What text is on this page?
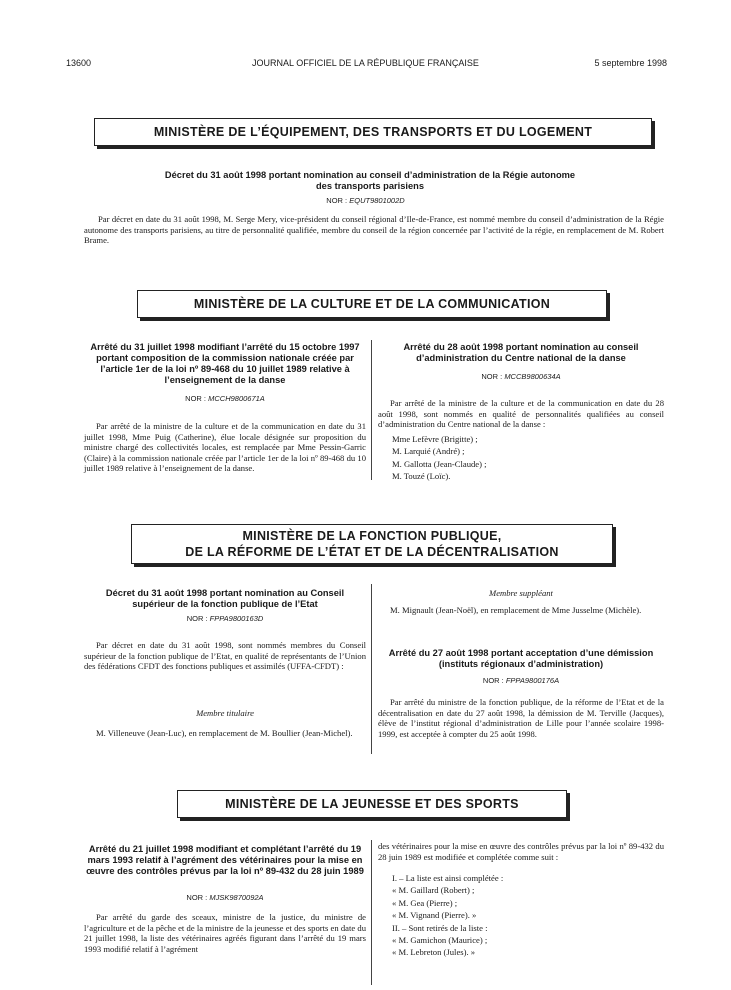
13600	JOURNAL OFFICIEL DE LA RÉPUBLIQUE FRANÇAISE	5 septembre 1998
MINISTÈRE DE L’ÉQUIPEMENT, DES TRANSPORTS ET DU LOGEMENT
Décret du 31 août 1998 portant nomination au conseil d’administration de la Régie autonome des transports parisiens
NOR : EQUT9801002D
Par décret en date du 31 août 1998, M. Serge Mery, vice-président du conseil régional d’Ile-de-France, est nommé membre du conseil d’administration de la Régie autonome des transports parisiens, au titre de personnalité qualifiée, membre du conseil de la région concernée par l’activité de la régie, en remplacement de M. Robert Brame.
MINISTÈRE DE LA CULTURE ET DE LA COMMUNICATION
Arrêté du 31 juillet 1998 modifiant l’arrêté du 15 octobre 1997 portant composition de la commission nationale créée par l’article 1er de la loi nº 89-468 du 10 juillet 1989 relative à l’enseignement de la danse
NOR : MCCH9800671A
Par arrêté de la ministre de la culture et de la communication en date du 31 juillet 1998, Mme Puig (Catherine), élue locale désignée sur proposition du ministre chargé des collectivités locales, est remplacée par Mme Pessin-Garric (Claire) à la commission nationale créée par l’article 1er de la loi nº 89-468 du 10 juillet 1989 relative à l’enseignement de la danse.
Arrêté du 28 août 1998 portant nomination au conseil d’administration du Centre national de la danse
NOR : MCCB9800634A
Par arrêté de la ministre de la culture et de la communication en date du 28 août 1998, sont nommés en qualité de personnalités qualifiées au conseil d’administration du Centre national de la danse :
Mme Lefèvre (Brigitte) ;
M. Larquié (André) ;
M. Gallotta (Jean-Claude) ;
M. Touzé (Loïc).
MINISTÈRE DE LA FONCTION PUBLIQUE,
DE LA RÉFORME DE L’ÉTAT ET DE LA DÉCENTRALISATION
Décret du 31 août 1998 portant nomination au Conseil supérieur de la fonction publique de l’Etat
NOR : FPPA9800163D
Par décret en date du 31 août 1998, sont nommés membres du Conseil supérieur de la fonction publique de l’Etat, en qualité de représentants de l’Union des fédérations CFDT des fonctions publiques et assimilés (UFFA-CFDT) :
Membre titulaire
M. Villeneuve (Jean-Luc), en remplacement de M. Boullier (Jean-Michel).
Membre suppléant
M. Mignault (Jean-Noël), en remplacement de Mme Jusselme (Michèle).
Arrêté du 27 août 1998 portant acceptation d’une démission (instituts régionaux d’administration)
NOR : FPPA9800176A
Par arrêté du ministre de la fonction publique, de la réforme de l’Etat et de la décentralisation en date du 27 août 1998, la démission de M. Terville (Jacques), élève de l’institut régional d’administration de Lille pour l’année scolaire 1998-1999, est acceptée à compter du 25 août 1998.
MINISTÈRE DE LA JEUNESSE ET DES SPORTS
Arrêté du 21 juillet 1998 modifiant et complétant l’arrêté du 19 mars 1993 relatif à l’agrément des vétérinaires pour la mise en œuvre des contrôles prévus par la loi nº 89-432 du 28 juin 1989
NOR : MJSK9870092A
Par arrêté du garde des sceaux, ministre de la justice, du ministre de l’agriculture et de la pêche et de la ministre de la jeunesse et des sports en date du 21 juillet 1998, la liste des vétérinaires agréés figurant dans l’arrêté du 19 mars 1993 modifié relatif à l’agrément
des vétérinaires pour la mise en œuvre des contrôles prévus par la loi nº 89-432 du 28 juin 1989 est modifiée et complétée comme suit :
I. – La liste est ainsi complétée :
« M. Gaillard (Robert) ;
« M. Gea (Pierre) ;
« M. Vignand (Pierre). »
II. – Sont retirés de la liste :
« M. Gamichon (Maurice) ;
« M. Lebreton (Jules). »
